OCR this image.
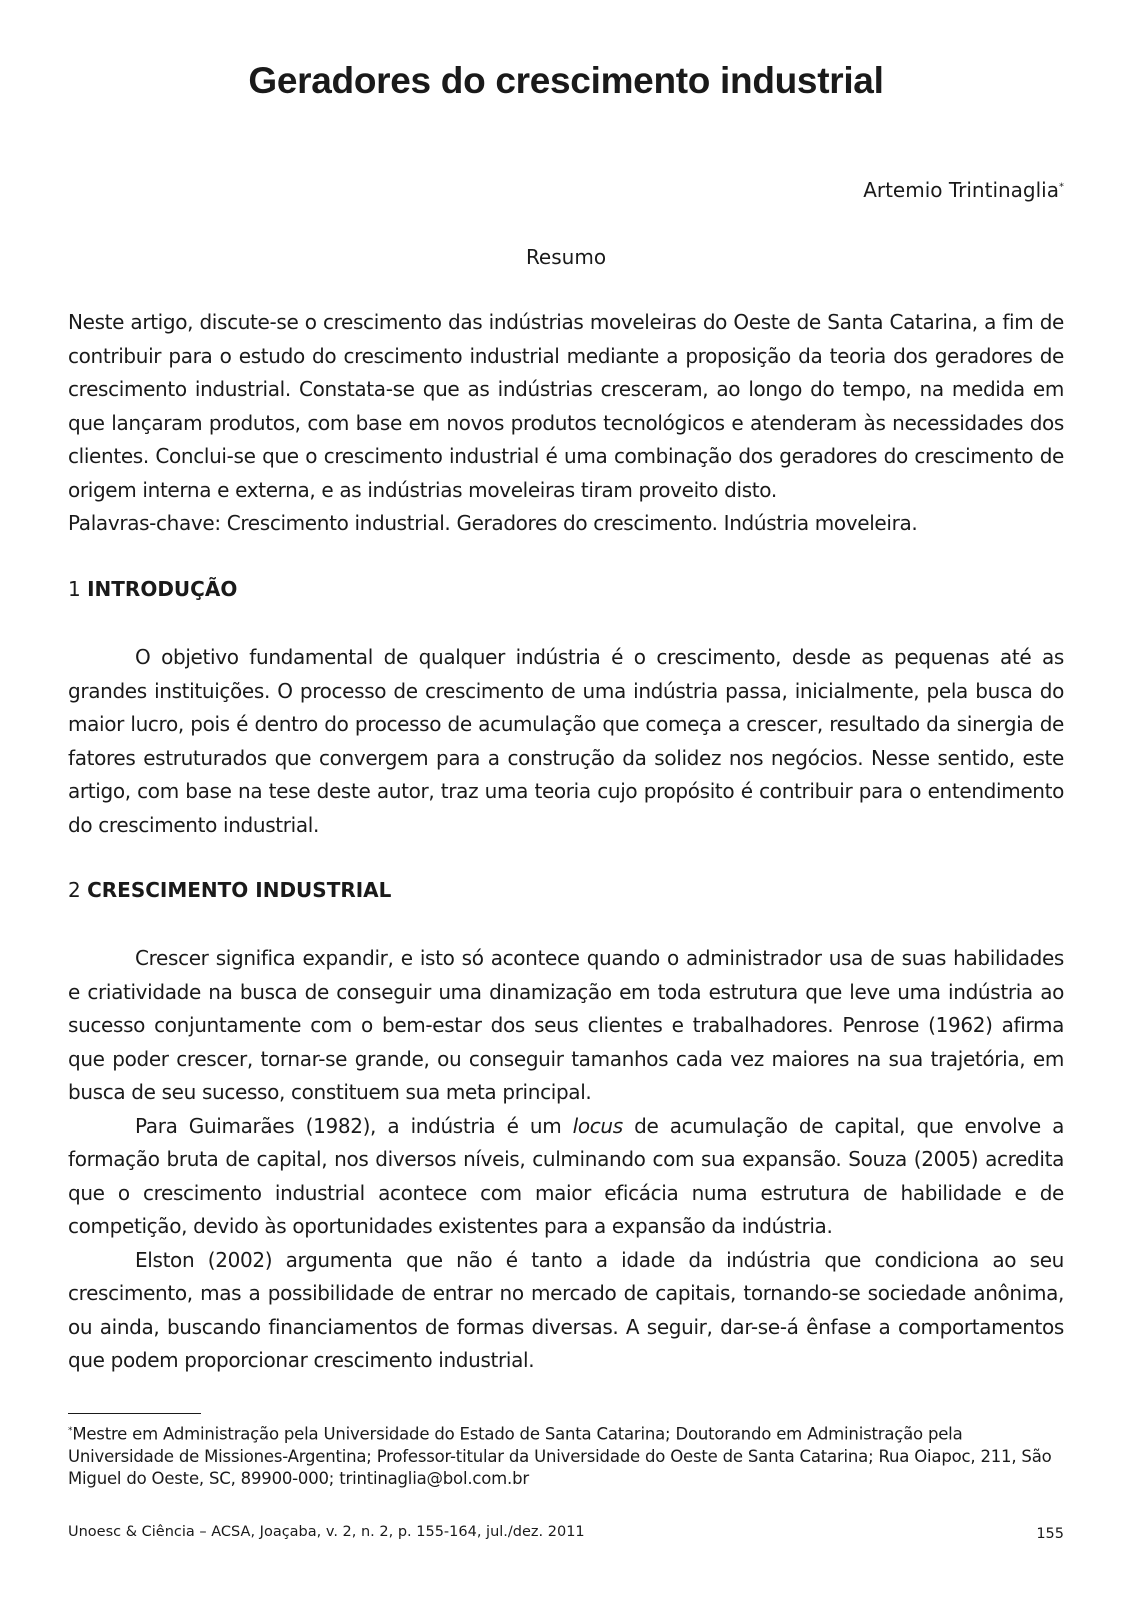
Geradores do crescimento industrial
Artemio Trintinaglia*
Resumo

Neste artigo, discute-se o crescimento das indústrias moveleiras do Oeste de Santa Catarina, a fim de contribuir para o estudo do crescimento industrial mediante a proposição da teoria dos geradores de crescimento industrial. Constata-se que as indústrias cresceram, ao longo do tempo, na medida em que lançaram produtos, com base em novos produtos tecnológicos e atenderam às necessidades dos clientes. Conclui-se que o crescimento industrial é uma combinação dos geradores do crescimento de origem interna e externa, e as indústrias moveleiras tiram proveito disto.

Palavras-chave: Crescimento industrial. Geradores do crescimento. Indústria moveleira.

1 INTRODUÇÃO

O objetivo fundamental de qualquer indústria é o crescimento, desde as pequenas até as grandes instituições. O processo de crescimento de uma indústria passa, inicialmente, pela busca do maior lucro, pois é dentro do processo de acumulação que começa a crescer, resultado da sinergia de fatores estruturados que convergem para a construção da solidez nos negócios. Nesse sentido, este artigo, com base na tese deste autor, traz uma teoria cujo propósito é contribuir para o entendimento do crescimento industrial.

2 CRESCIMENTO INDUSTRIAL

Crescer significa expandir, e isto só acontece quando o administrador usa de suas habilidades e criatividade na busca de conseguir uma dinamização em toda estrutura que leve uma indústria ao sucesso conjuntamente com o bem-estar dos seus clientes e trabalhadores. Penrose (1962) afirma que poder crescer, tornar-se grande, ou conseguir tamanhos cada vez maiores na sua trajetória, em busca de seu sucesso, constituem sua meta principal.

Para Guimarães (1982), a indústria é um locus de acumulação de capital, que envolve a formação bruta de capital, nos diversos níveis, culminando com sua expansão. Souza (2005) acredita que o crescimento industrial acontece com maior eficácia numa estrutura de habilidade e de competição, devido às oportunidades existentes para a expansão da indústria.

Elston (2002) argumenta que não é tanto a idade da indústria que condiciona ao seu crescimento, mas a possibilidade de entrar no mercado de capitais, tornando-se sociedade anônima, ou ainda, buscando financiamentos de formas diversas. A seguir, dar-se-á ênfase a comportamentos que podem proporcionar crescimento industrial.

*Mestre em Administração pela Universidade do Estado de Santa Catarina; Doutorando em Administração pela Universidade de Missiones-Argentina; Professor-titular da Universidade do Oeste de Santa Catarina; Rua Oiapoc, 211, São Miguel do Oeste, SC, 89900-000; trintinaglia@bol.com.br
Unoesc & Ciência – ACSA, Joaçaba, v. 2, n. 2, p. 155-164, jul./dez. 2011	155
